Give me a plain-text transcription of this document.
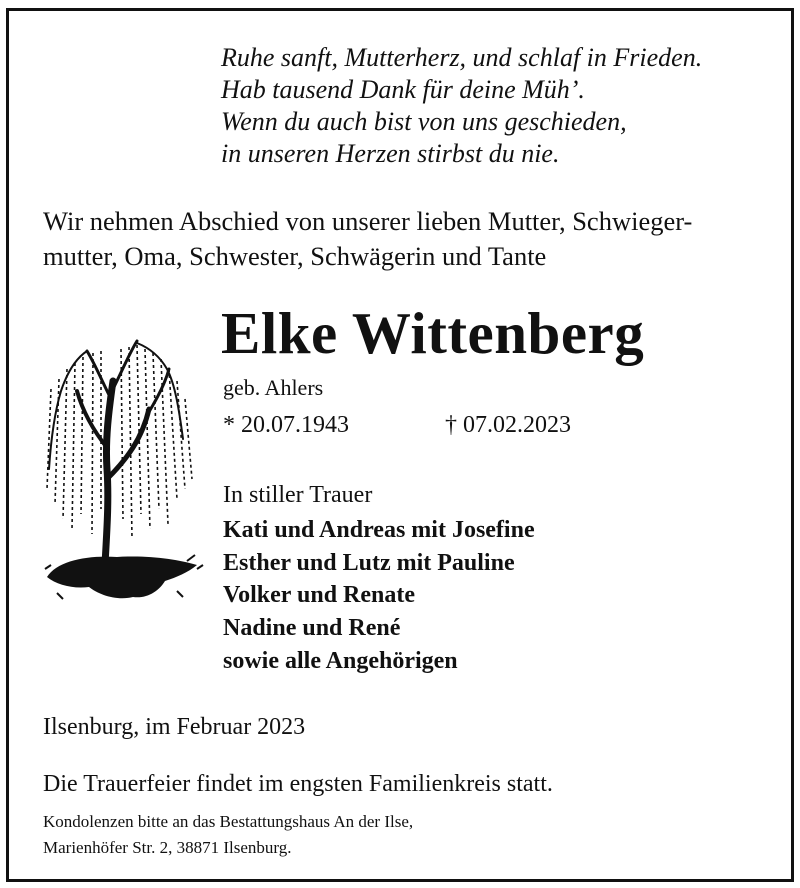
Ruhe sanft, Mutterherz, und schlaf in Frieden.
Hab tausend Dank für deine Müh’.
Wenn du auch bist von uns geschieden,
in unseren Herzen stirbst du nie.
Wir nehmen Abschied von unserer lieben Mutter, Schwieger-
mutter, Oma, Schwester, Schwägerin und Tante
Elke Wittenberg
geb. Ahlers
* 20.07.1943	† 07.02.2023
In stiller Trauer
Kati und Andreas mit Josefine
Esther und Lutz mit Pauline
Volker und Renate
Nadine und René
sowie alle Angehörigen
Ilsenburg, im Februar 2023
Die Trauerfeier findet im engsten Familienkreis statt.
Kondolenzen bitte an das Bestattungshaus An der Ilse,
Marienhöfer Str. 2, 38871 Ilsenburg.
